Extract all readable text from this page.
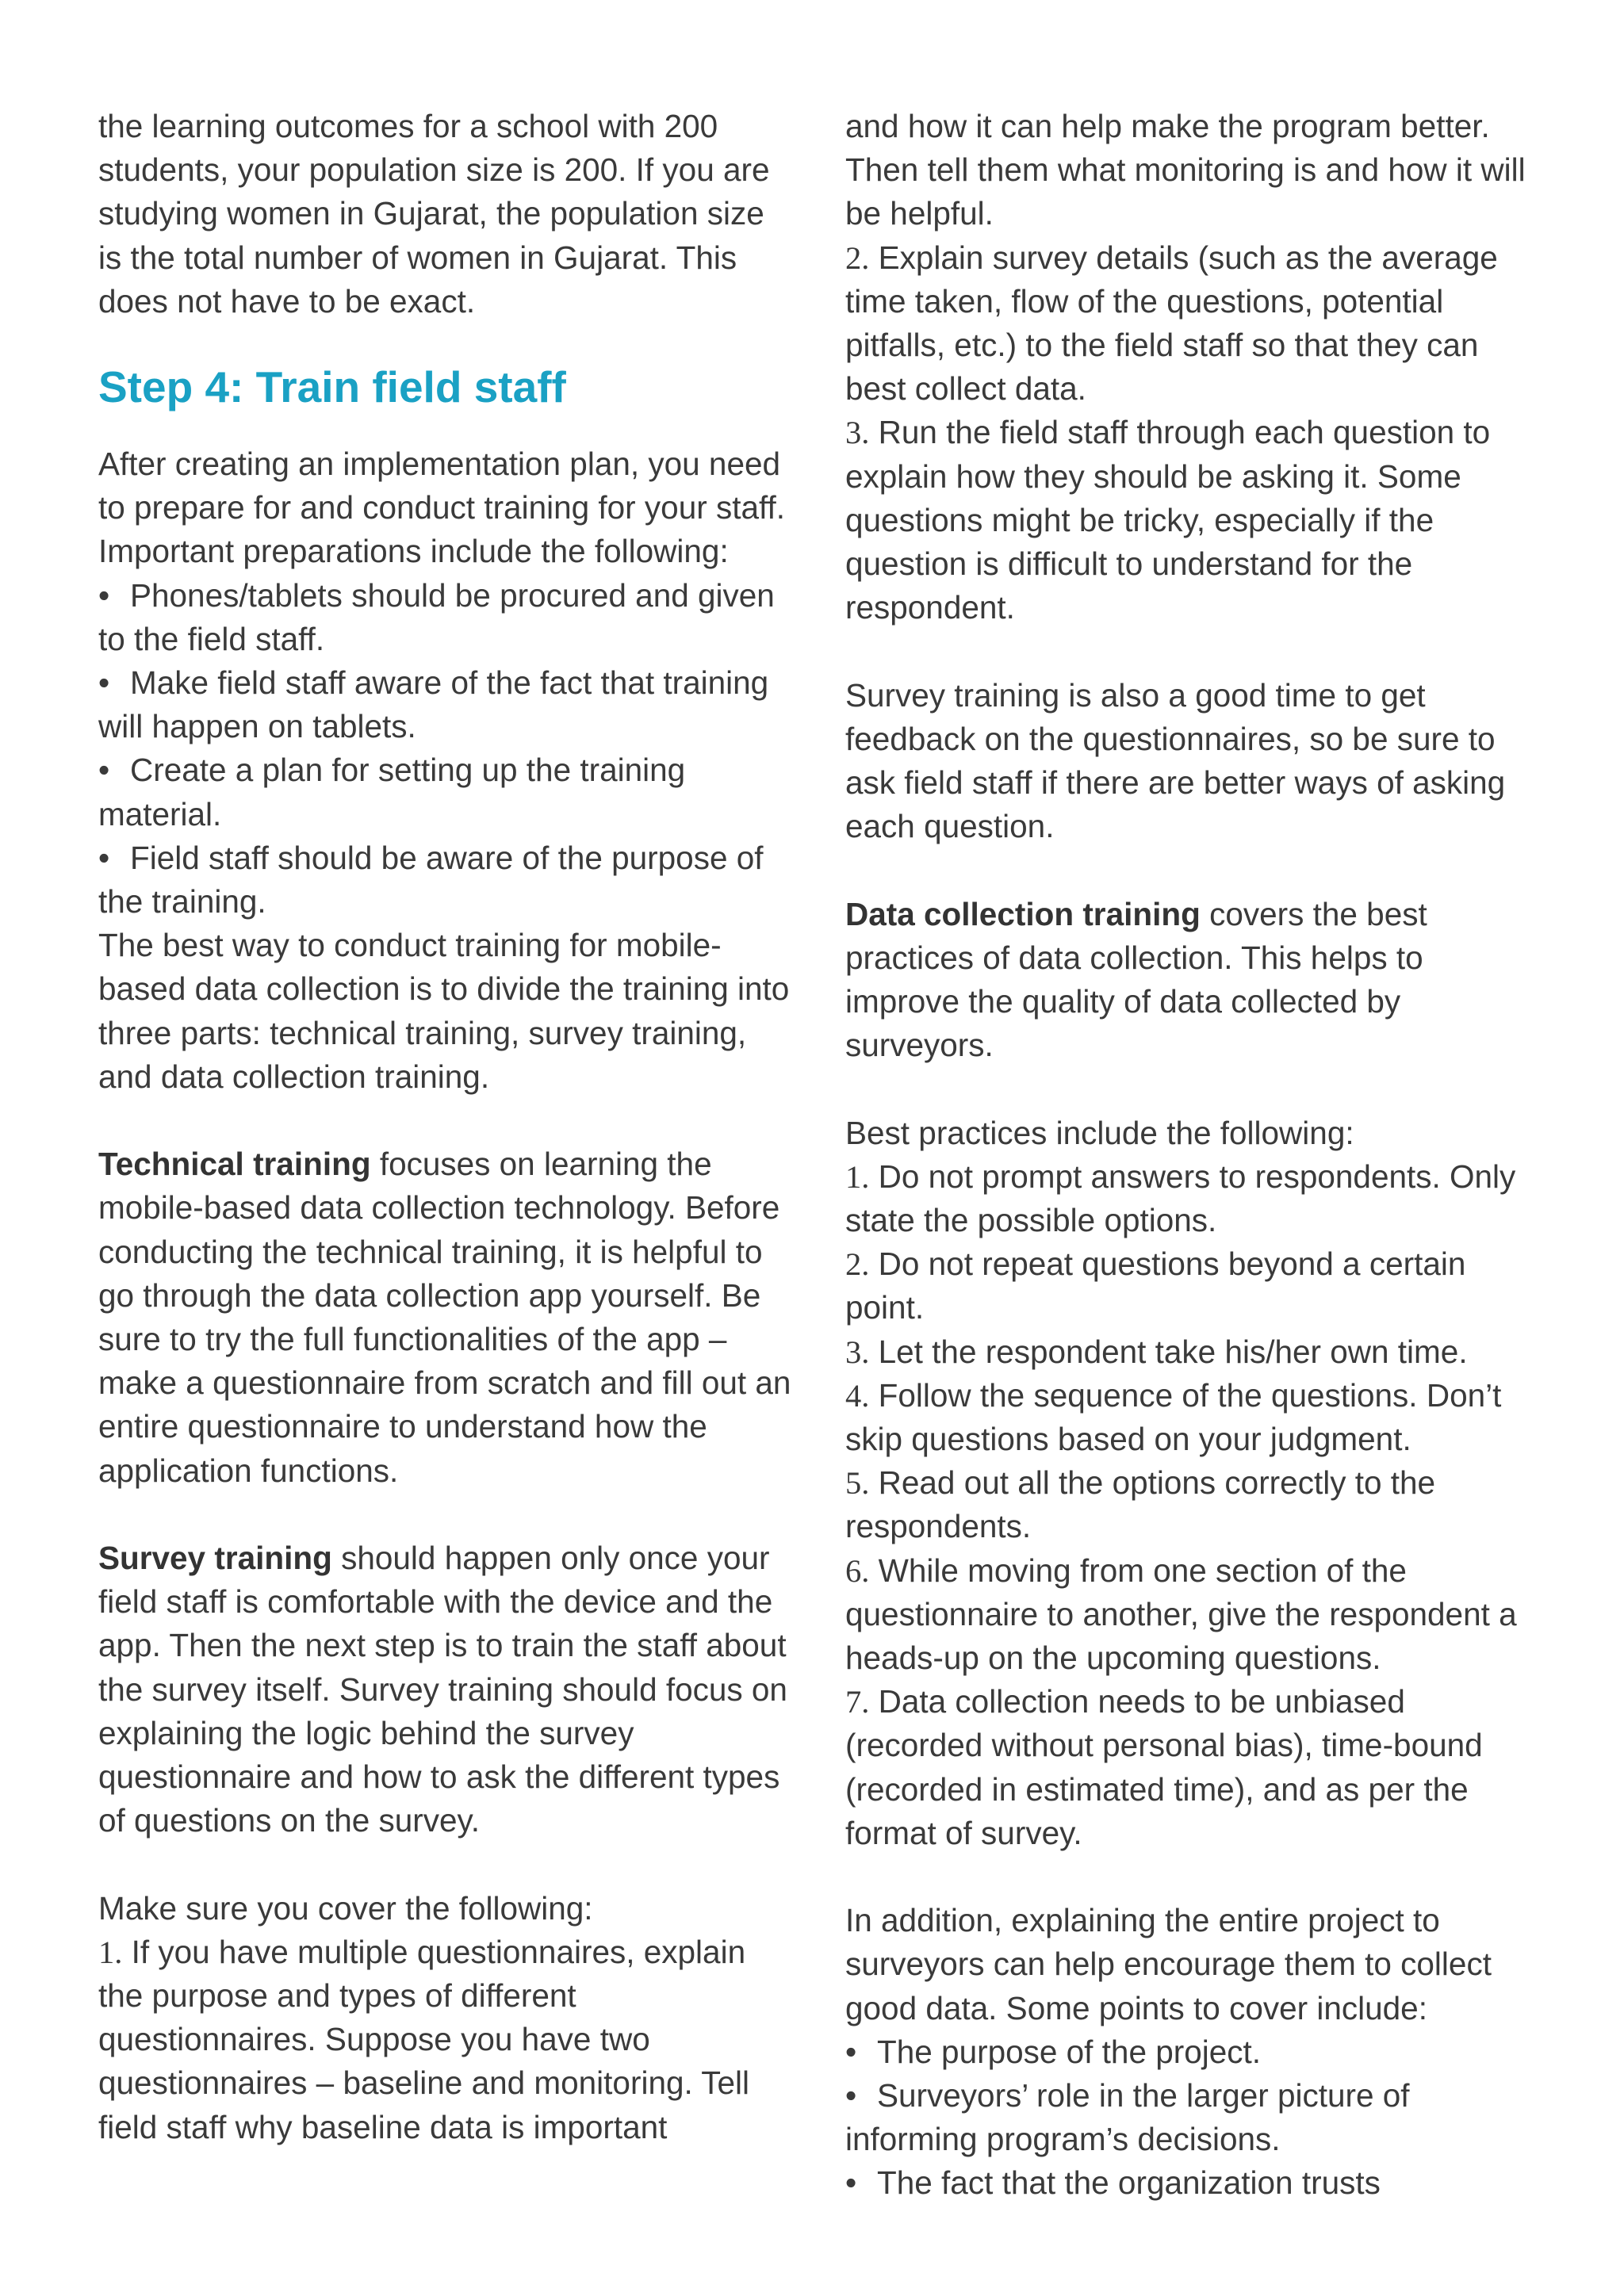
the learning outcomes for a school with 200 students, your population size is 200. If you are studying women in Gujarat, the population size is the total number of women in Gujarat. This does not have to be exact.

Step 4: Train field staff

After creating an implementation plan, you need to prepare for and conduct training for your staff.

Important preparations include the following:

• Phones/tablets should be procured and given to the field staff.
• Make field staff aware of the fact that training will happen on tablets.
• Create a plan for setting up the training material.
• Field staff should be aware of the purpose of the training.

The best way to conduct training for mobile-based data collection is to divide the training into three parts: technical training, survey training, and data collection training.

Technical training focuses on learning the mobile-based data collection technology. Before conducting the technical training, it is helpful to go through the data collection app yourself. Be sure to try the full functionalities of the app – make a questionnaire from scratch and fill out an entire questionnaire to understand how the application functions.

Survey training should happen only once your field staff is comfortable with the device and the app. Then the next step is to train the staff about the survey itself. Survey training should focus on explaining the logic behind the survey questionnaire and how to ask the different types of questions on the survey.

Make sure you cover the following:

1. If you have multiple questionnaires, explain the purpose and types of different questionnaires. Suppose you have two questionnaires – baseline and monitoring. Tell field staff why baseline data is important

and how it can help make the program better. Then tell them what monitoring is and how it will be helpful.

2. Explain survey details (such as the average time taken, flow of the questions, potential pitfalls, etc.) to the field staff so that they can best collect data.

3. Run the field staff through each question to explain how they should be asking it. Some questions might be tricky, especially if the question is difficult to understand for the respondent.

Survey training is also a good time to get feedback on the questionnaires, so be sure to ask field staff if there are better ways of asking each question.

Data collection training covers the best practices of data collection. This helps to improve the quality of data collected by surveyors.

Best practices include the following:

1. Do not prompt answers to respondents. Only state the possible options.

2. Do not repeat questions beyond a certain point.

3. Let the respondent take his/her own time.

4. Follow the sequence of the questions. Don’t skip questions based on your judgment.

5. Read out all the options correctly to the respondents.

6. While moving from one section of the questionnaire to another, give the respondent a heads-up on the upcoming questions.

7. Data collection needs to be unbiased (recorded without personal bias), time-bound (recorded in estimated time), and as per the format of survey.

In addition, explaining the entire project to surveyors can help encourage them to collect good data. Some points to cover include:

• The purpose of the project.
• Surveyors’ role in the larger picture of informing program’s decisions.
• The fact that the organization trusts
